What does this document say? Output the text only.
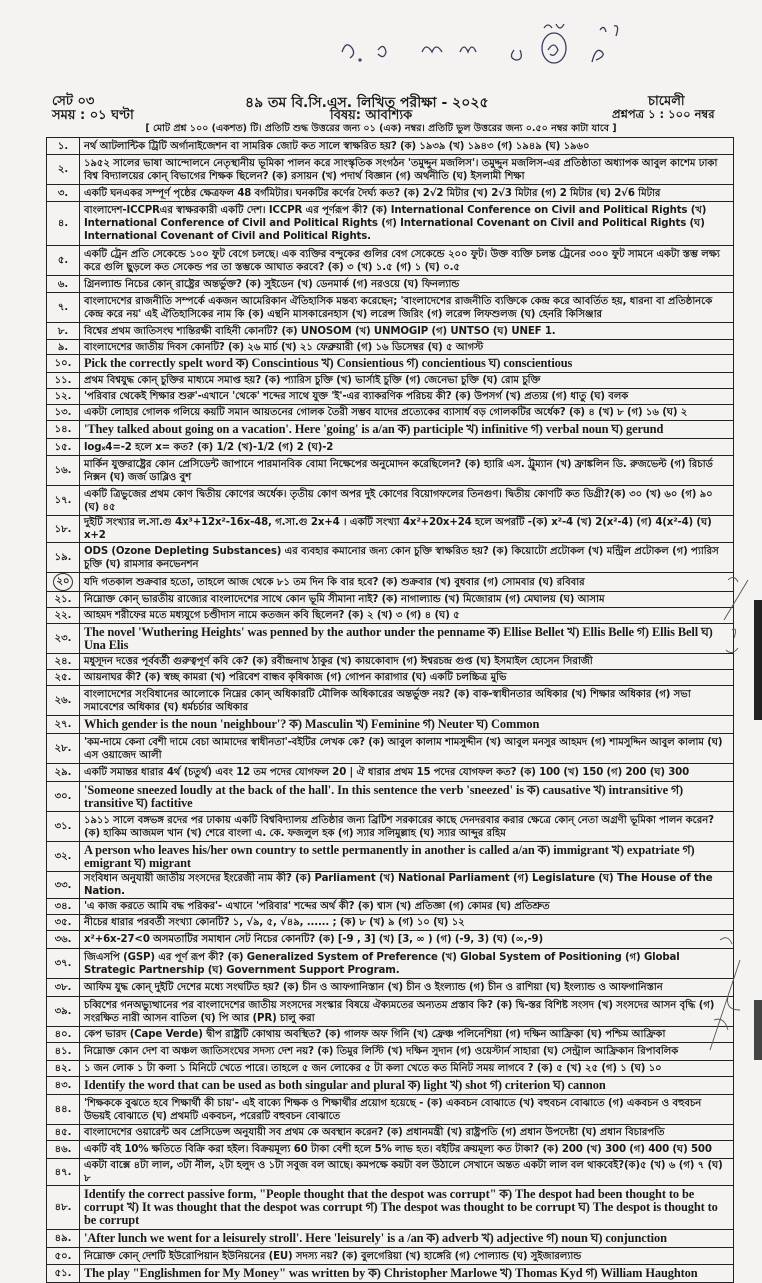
সেট ০৩
সময় : ০১ ঘণ্টা
৪৯ তম বি.সি.এস. লিখিত পরীক্ষা - ২০২৫
বিষয়: আবশ্যিক
চামেলী
প্রশ্নপত্র ১ : ১০০ নম্বর
[ মোট প্রশ্ন ১০০ (একশত) টি। প্রতিটি শুদ্ধ উত্তরের জন্য ০১ (এক) নম্বর। প্রতিটি ভুল উত্তরের জন্য ০.৫০ নম্বর কাটা যাবে ]
১.	নর্থ আটলান্টিক ট্রিটি অর্গানাইজেশন বা সামরিক জোট কত সালে স্বাক্ষরিত হয়? (ক) ১৯৩৯ (খ) ১৯৪৩ (গ) ১৯৪৯ (ঘ) ১৯৬০
২.	১৯৫২ সালের ভাষা আন্দোলনে নেতৃস্থানীয় ভূমিকা পালন করে সাংস্কৃতিক সংগঠন 'তমুদ্দুন মজলিস'। তমুদ্দুন মজলিস-এর প্রতিষ্ঠাতা অধ্যাপক আবুল কাশেম ঢাকা বিশ্ব বিদ্যালয়ের কোন্ বিভাগের শিক্ষক ছিলেন? (ক) রসায়ন (খ) পদার্থ বিজ্ঞান (গ) অর্থনীতি (ঘ) ইসলামী শিক্ষা
৩.	একটি ঘনএকর সম্পূর্ণ পৃষ্ঠের ক্ষেত্রফল 48 বর্গমিটার। ঘনকটির কর্ণের দৈর্ঘ্য কত? (ক) 2√2 মিটার (খ) 2√3 মিটার (গ) 2 মিটার (ঘ) 2√6 মিটার
৪.	বাংলাদেশ-ICCPRএর স্বাক্ষরকারী একটি দেশ। ICCPR এর পূর্ণরূপ কী? (ক) International Conference on Civil and Political Rights (খ) International Conference of Civil and Political Rights (গ) International Covenant on Civil and Political Rights (ঘ) International Covenant of Civil and Political Rights.
৫.	একটি ট্রেন প্রতি সেকেন্ডে ১০০ ফুট বেগে চলছে। এক ব্যক্তির বন্দুকের গুলির বেগ সেকেন্ডে ২০০ ফুট। উক্ত ব্যক্তি চলন্ত ট্রেনের ৩০০ ফুট সামনে একটা স্তম্ভ লক্ষ্য করে গুলি ছুড়লে কত সেকেন্ড পর তা স্তম্ভকে আঘাত করবে? (ক) ৩ (খ) ১.৫ (গ) ১ (ঘ) ০.৫
৬.	গ্রিনল্যান্ড নিচের কোন্ রাষ্ট্রের অন্তর্ভুক্ত? (ক) সুইডেন (খ) ডেনমার্ক (গ) নরওয়ে (ঘ) ফিনল্যান্ড
৭.	বাংলাদেশের রাজনীতি সম্পর্কে একজন আমেরিকান ঐতিহাসিক মন্তব্য করেছেন; 'বাংলাদেশের রাজনীতি ব্যক্তিকে কেন্দ্র করে আবর্তিত হয়, ধারনা বা প্রতিষ্ঠানকে কেন্দ্র করে নয়' এই ঐতিহাসিকের নাম কি (ক) এন্থনি মাসকারেনহাস (খ) লরেন্স জিরিং (গ) লরেন্স লিফশুলজ (ঘ) হেনরি কিসিঞ্জার
৮.	বিশ্বের প্রথম জাতিসংঘ শান্তিরক্ষী বাহিনী কোনটি? (ক) UNOSOM (খ) UNMOGIP (গ) UNTSO (ঘ) UNEF 1.
৯.	বাংলাদেশের জাতীয় দিবস কোনটি? (ক) ২৬ মার্চ (খ) ২১ ফেব্রুয়ারী (গ) ১৬ ডিসেম্বর (ঘ) ৫ আগস্ট
১০.	Pick the correctly spelt word ক) Conscintious খ) Consientious গ) concientious ঘ) conscientious
১১.	প্রথম বিশ্বযুদ্ধ কোন্ চুক্তির মাধ্যমে সমাপ্ত হয়? (ক) প্যারিস চুক্তি (খ) ভার্সাই চুক্তি (গ) জেনেভা চুক্তি (ঘ) রোম চুক্তি
১২.	'পরিবার থেকেই শিক্ষার শুরু'-এখানে 'থেকে' শব্দের সাথে যুক্ত 'ই'-এর ব্যাকরণিক পরিচয় কী? (ক) উপসর্গ (খ) প্রত্যয় (গ) ধাতু (ঘ) বলক
১৩.	একটা লোহার গোলক গলিয়ে কয়টি সমান আয়তনের গোলক তৈরী সম্ভব যাদের প্রত্যেকের ব্যাসার্ধ বড় গোলকটির অর্ধেক? (ক) ৪ (খ) ৮ (গ) ১৬ (ঘ) ২
১৪.	'They talked about going on a vacation'. Here 'going' is a/an ক) participle খ) infinitive গ) verbal noun ঘ) gerund
১৫.	logₓ4=-2 হলে x= কত? (ক) 1/2 (খ)-1/2 (গ) 2 (ঘ)-2
১৬.	মার্কিন যুক্তরাষ্ট্রের কোন প্রেসিডেন্ট জাপানে পারমানবিক বোমা নিক্ষেপের অনুমোদন করেছিলেন? (ক) হ্যারি এস. ট্রুম্যান (খ) ফ্রাঙ্কলিন ডি. রুজভেল্ট (গ) রিচার্ড নিক্সন (ঘ) জর্জ ডাব্লিও বুশ
১৭.	একটি ত্রিভুজের প্রথম কোণ দ্বিতীয় কোণের অর্ধেক। তৃতীয় কোণ অপর দুই কোণের বিয়োগফলের তিনগুণ। দ্বিতীয় কোণটি কত ডিগ্রী?(ক) ৩০ (খ) ৬০ (গ) ৯০ (ঘ) ৪৫
১৮.	দুইটি সংখ্যার ল.সা.গু 4x³+12x²-16x-48, গ.সা.গু 2x+4 । একটি সংখ্যা 4x²+20x+24 হলে অপরটি -(ক) x²-4 (খ) 2(x²-4) (গ) 4(x²-4) (ঘ) x+2
১৯.	ODS (Ozone Depleting Substances) এর ব্যবহার কমানোর জন্য কোন চুক্তি স্বাক্ষরিত হয়? (ক) কিয়োটো প্রটোকল (খ) মন্ট্রিল প্রটোকল (গ) প্যারিস চুক্তি (ঘ) রামসার কনভেনশন
২০	যদি গতকাল শুক্রবার হতো, তাহলে আজ থেকে ৮১ তম দিন কি বার হবে? (ক) শুক্রবার (খ) বুধবার (গ) সোমবার (ঘ) রবিবার
২১.	নিম্নোক্ত কোন্ ভারতীয় রাজ্যের বাংলাদেশের সাথে কোন ভূমি সীমানা নাই? (ক) নাগাল্যান্ড (খ) মিজোরাম (গ) মেঘালয় (ঘ) আসাম
২২.	আহমদ শরীফের মতে মধ্যযুগে চণ্ডীদাস নামে কতজন কবি ছিলেন? (ক) ২ (খ) ৩ (গ) ৪ (ঘ) ৫
২৩.	The novel 'Wuthering Heights' was penned by the author under the penname ক) Ellise Bellet খ) Ellis Belle গ) Ellis Bell ঘ) Una Elis
২৪.	মধুসূদন দত্তের পূর্ববর্তী গুরুত্বপূর্ণ কবি কে? (ক) রবীন্দ্রনাথ ঠাকুর (খ) কায়কোবাদ (গ) ঈশ্বরচন্দ্র গুপ্ত (ঘ) ইসমাইল হোসেন সিরাজী
২৫.	আয়নাঘর কী? (ক) স্বচ্ছ কামরা (খ) পরিবেশ বান্ধব কৃষিকাজ (গ) গোপন কারাগার (ঘ) একটি চলচ্চিত্র মুভি
২৬.	বাংলাদেশের সংবিধানের আলোকে নিম্নের কোন্ অধিকারটি মৌলিক অধিকারের অন্তর্ভুক্ত নয়? (ক) বাক-স্বাধীনতার অধিকার (খ) শিক্ষার অধিকার (গ) সভা সমাবেশের অধিকার (ঘ) ধর্মচর্চার অধিকার
২৭.	Which gender is the noun 'neighbour'? ক) Masculin খ) Feminine গ) Neuter ঘ) Common
২৮.	'কম-দামে কেনা বেশী দামে বেচা আমাদের স্বাধীনতা'-বইটির লেখক কে? (ক) আবুল কালাম শামসুদ্দীন (খ) আবুল মনসুর আহমদ (গ) শামসুদ্দিন আবুল কালাম (ঘ) এস ওয়াজেদ আলী
২৯.	একটি সমান্তর ধারার 4র্থ (চতুর্থ) এবং 12 তম পদের যোগফল 20 | ঐ ধারার প্রথম 15 পদের যোগফল কত? (ক) 100 (খ) 150 (গ) 200 (ঘ) 300
৩০.	'Someone sneezed loudly at the back of the hall'. In this sentence the verb 'sneezed' is ক) causative খ) intransitive গ) transitive ঘ) factitive
৩১.	১৯১১ সালে বঙ্গভঙ্গ রদের পর ঢাকায় একটি বিশ্ববিদ্যালয় প্রতিষ্ঠার জন্য ব্রিটিশ সরকারের কাছে দেনদরবার করার ক্ষেত্রে কোন্ নেতা অগ্রণী ভূমিকা পালন করেন? (ক) হাকিম আজমল খান (খ) শেরে বাংলা এ. কে. ফজলুল হক (গ) স্যার সলিমুল্লাহ (ঘ) স্যার আব্দুর রহিম
৩২.	A person who leaves his/her own country to settle permanently in another is called a/an ক) immigrant খ) expatriate গ) emigrant ঘ) migrant
৩৩.	সংবিধান অনুযায়ী জাতীয় সংসদের ইংরেজী নাম কী? (ক) Parliament (খ) National Parliament (গ) Legislature (ঘ) The House of the Nation.
৩৪.	'এ কাজ করতে আমি বদ্ধ পরিকর'- এখানে 'পরিবার' শব্দের অর্থ কী? (ক) শ্বাস (খ) প্রতিজ্ঞা (গ) কোমর (ঘ) প্রতিশ্রুত
৩৫.	নীচের ধারার পরবর্তী সংখ্যা কোনটি? ১, √৯, ৫, √৪৯, ...... ; (ক) ৮ (খ) ৯ (গ) ১০ (ঘ) ১২
৩৬.	x²+6x-27<0 অসমতাটির সমাধান সেট নিচের কোনটি? (ক) [-9 , 3] (খ) [3, ∞ ) (গ) (-9, 3) (ঘ) (∞,-9)
৩৭.	জিএসপি (GSP) এর পূর্ণ রূপ কী? (ক) Generalized System of Preference (খ) Global System of Positioning (গ) Global Strategic Partnership (ঘ) Government Support Program.
৩৮.	আফিম যুদ্ধ কোন্ দুইটি দেশের মধ্যে সংঘটিত হয়? (ক) চীন ও আফগানিস্তান (খ) চীন ও ইংল্যান্ড (গ) চীন ও রাশিয়া (ঘ) ইংল্যান্ড ও আফগানিস্তান
৩৯.	চব্বিশের গনঅভ্যুত্থানের পর বাংলাদেশের জাতীয় সংসদের সংস্কার বিষয়ে ঐক্যমতের অন্যতম প্রস্তাব কি? (ক) দ্বি-স্তর বিশিষ্ট সংসদ (খ) সংসদের আসন বৃদ্ধি (গ) সংরক্ষিত নারী আসন বাতিল (ঘ) পি আর (PR) চালু করা
৪০.	কেপ ভারদ (Cape Verde) দ্বীপ রাষ্ট্রটি কোথায় অবস্থিত? (ক) গালফ অফ গিনি (খ) ফ্রেঞ্চ পলিনেশিয়া (গ) দক্ষিন আফ্রিকা (ঘ) পশ্চিম আফ্রিকা
৪১.	নিম্নোক্ত কোন দেশ বা অঞ্চল জাতিসংঘের সদস্য দেশ নয়? (ক) তিমুর লিস্টি (খ) দক্ষিন সুদান (গ) ওয়েস্টার্ন সাহারা (ঘ) সেন্ট্রাল আফ্রিকান রিপাবলিক
৪২.	১ জন লোক ১ টা কলা ১ মিনিটে খেতে পারে। তাহলে ৫ জন লোকের ৫ টা কলা খেতে কত মিনিট সময় লাগবে ? (ক) ৫ (খ) ২৫ (গ) ১ (ঘ) ১০
৪৩.	Identify the word that can be used as both singular and plural ক) light খ) shot গ) criterion ঘ) cannon
৪৪.	'শিক্ষককে বুঝতে হবে শিক্ষার্থী কী চায়'- এই বাক্যে শিক্ষক ও শিক্ষার্থীর প্রয়োগ হয়েছে - (ক) একবচন বোঝাতে (খ) বহুবচন বোঝাতে (গ) একবচন ও বহুবচন উভয়ই বোঝাতে (ঘ) প্রথমটি একবচন, পরেরটি বহুবচন বোঝাতে
৪৫.	বাংলাদেশের ওয়ারেন্ট অব প্রেসিডেন্স অনুযায়ী সব প্রথম কে অবস্থান করেন? (ক) প্রধানমন্ত্রী (খ) রাষ্ট্রপতি (গ) প্রধান উপদেষ্টা (ঘ) প্রধান বিচারপতি
৪৬.	একটি বই 10% ক্ষতিতে বিক্রি করা হইল। বিক্রয়মূল্য 60 টাকা বেশী হলে 5% লাভ হত। বইটির ক্রয়মূল্য কত টাকা? (ক) 200 (খ) 300 (গ) 400 (ঘ) 500
৪৭.	একটা বাক্সে ৪টা লাল, ৩টা নীল, ২টা হলুদ ও ১টা সবুজ বল আছে। কমপক্ষে কয়টা বল উঠালে সেখানে অন্তত একটা লাল বল থাকবেই?(ক)৫ (খ) ৬ (গ) ৭ (ঘ) ৮
৪৮.	Identify the correct passive form, "People thought that the despot was corrupt" ক) The despot had been thought to be corrupt খ) It was thought that the despot was corrupt গ) The despot was thought to be corrupt ঘ) The despot is thought to be corrupt
৪৯.	'After lunch we went for a leisurely stroll'. Here 'leisurely' is a /an ক) adverb খ) adjective গ) noun ঘ) conjunction
৫০.	নিম্নোক্ত কোন্ দেশটি ইউরোপিয়ান ইউনিয়নের (EU) সদস্য নয়? (ক) বুলগেরিয়া (খ) হাঙ্গেরি (গ) পোল্যান্ড (ঘ) সুইজারল্যান্ড
৫১.	The play "Englishmen for My Money" was written by ক) Christopher Marlowe খ) Thomas Kyd গ) William Haughton
